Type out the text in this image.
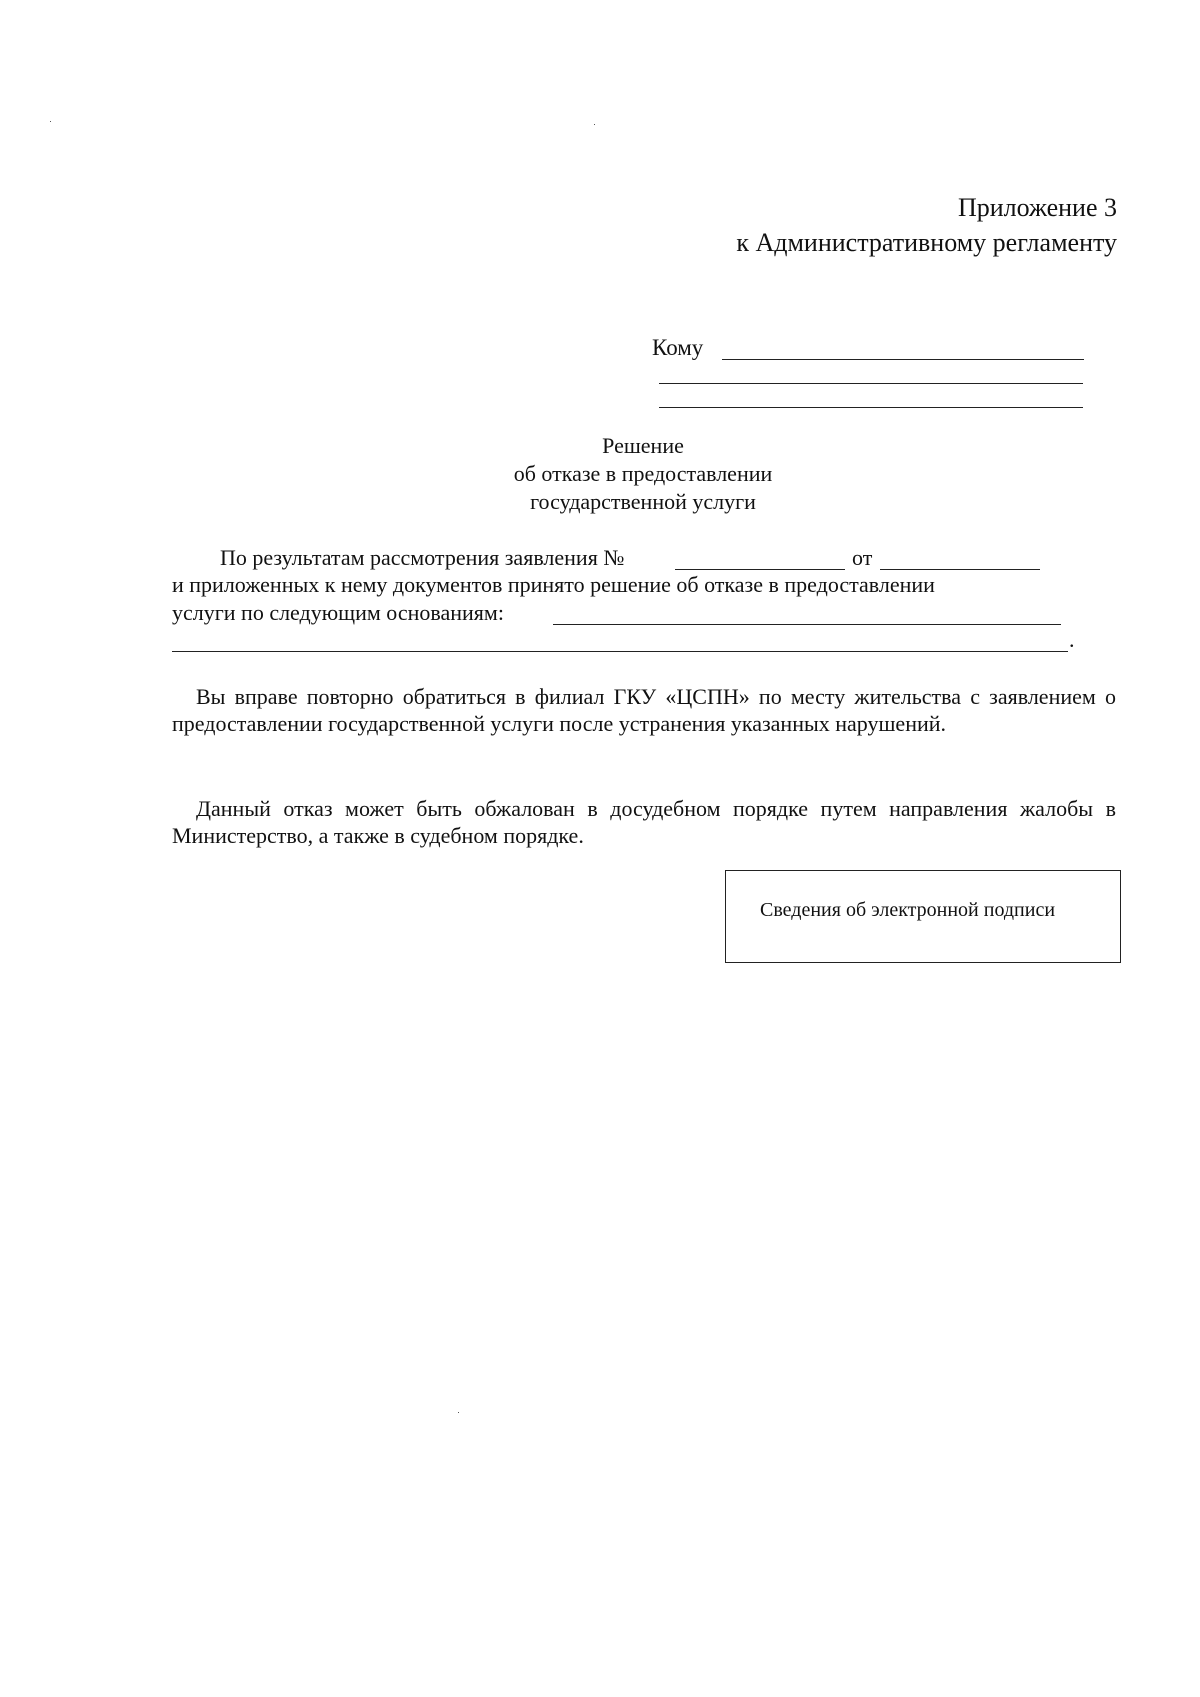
Приложение 3
к Административному регламенту
Кому
Решение
об отказе в предоставлении
государственной услуги
По результатам рассмотрения заявления №	от
и приложенных к нему документов принято решение об отказе в предоставлении
услуги по следующим основаниям:
.
Вы вправе повторно обратиться в филиал ГКУ «ЦСПН» по месту жительства с заявлением о предоставлении государственной услуги после устранения указанных нарушений.
Данный отказ может быть обжалован в досудебном порядке путем направления жалобы в Министерство, а также в судебном порядке.
Сведения об электронной подписи
